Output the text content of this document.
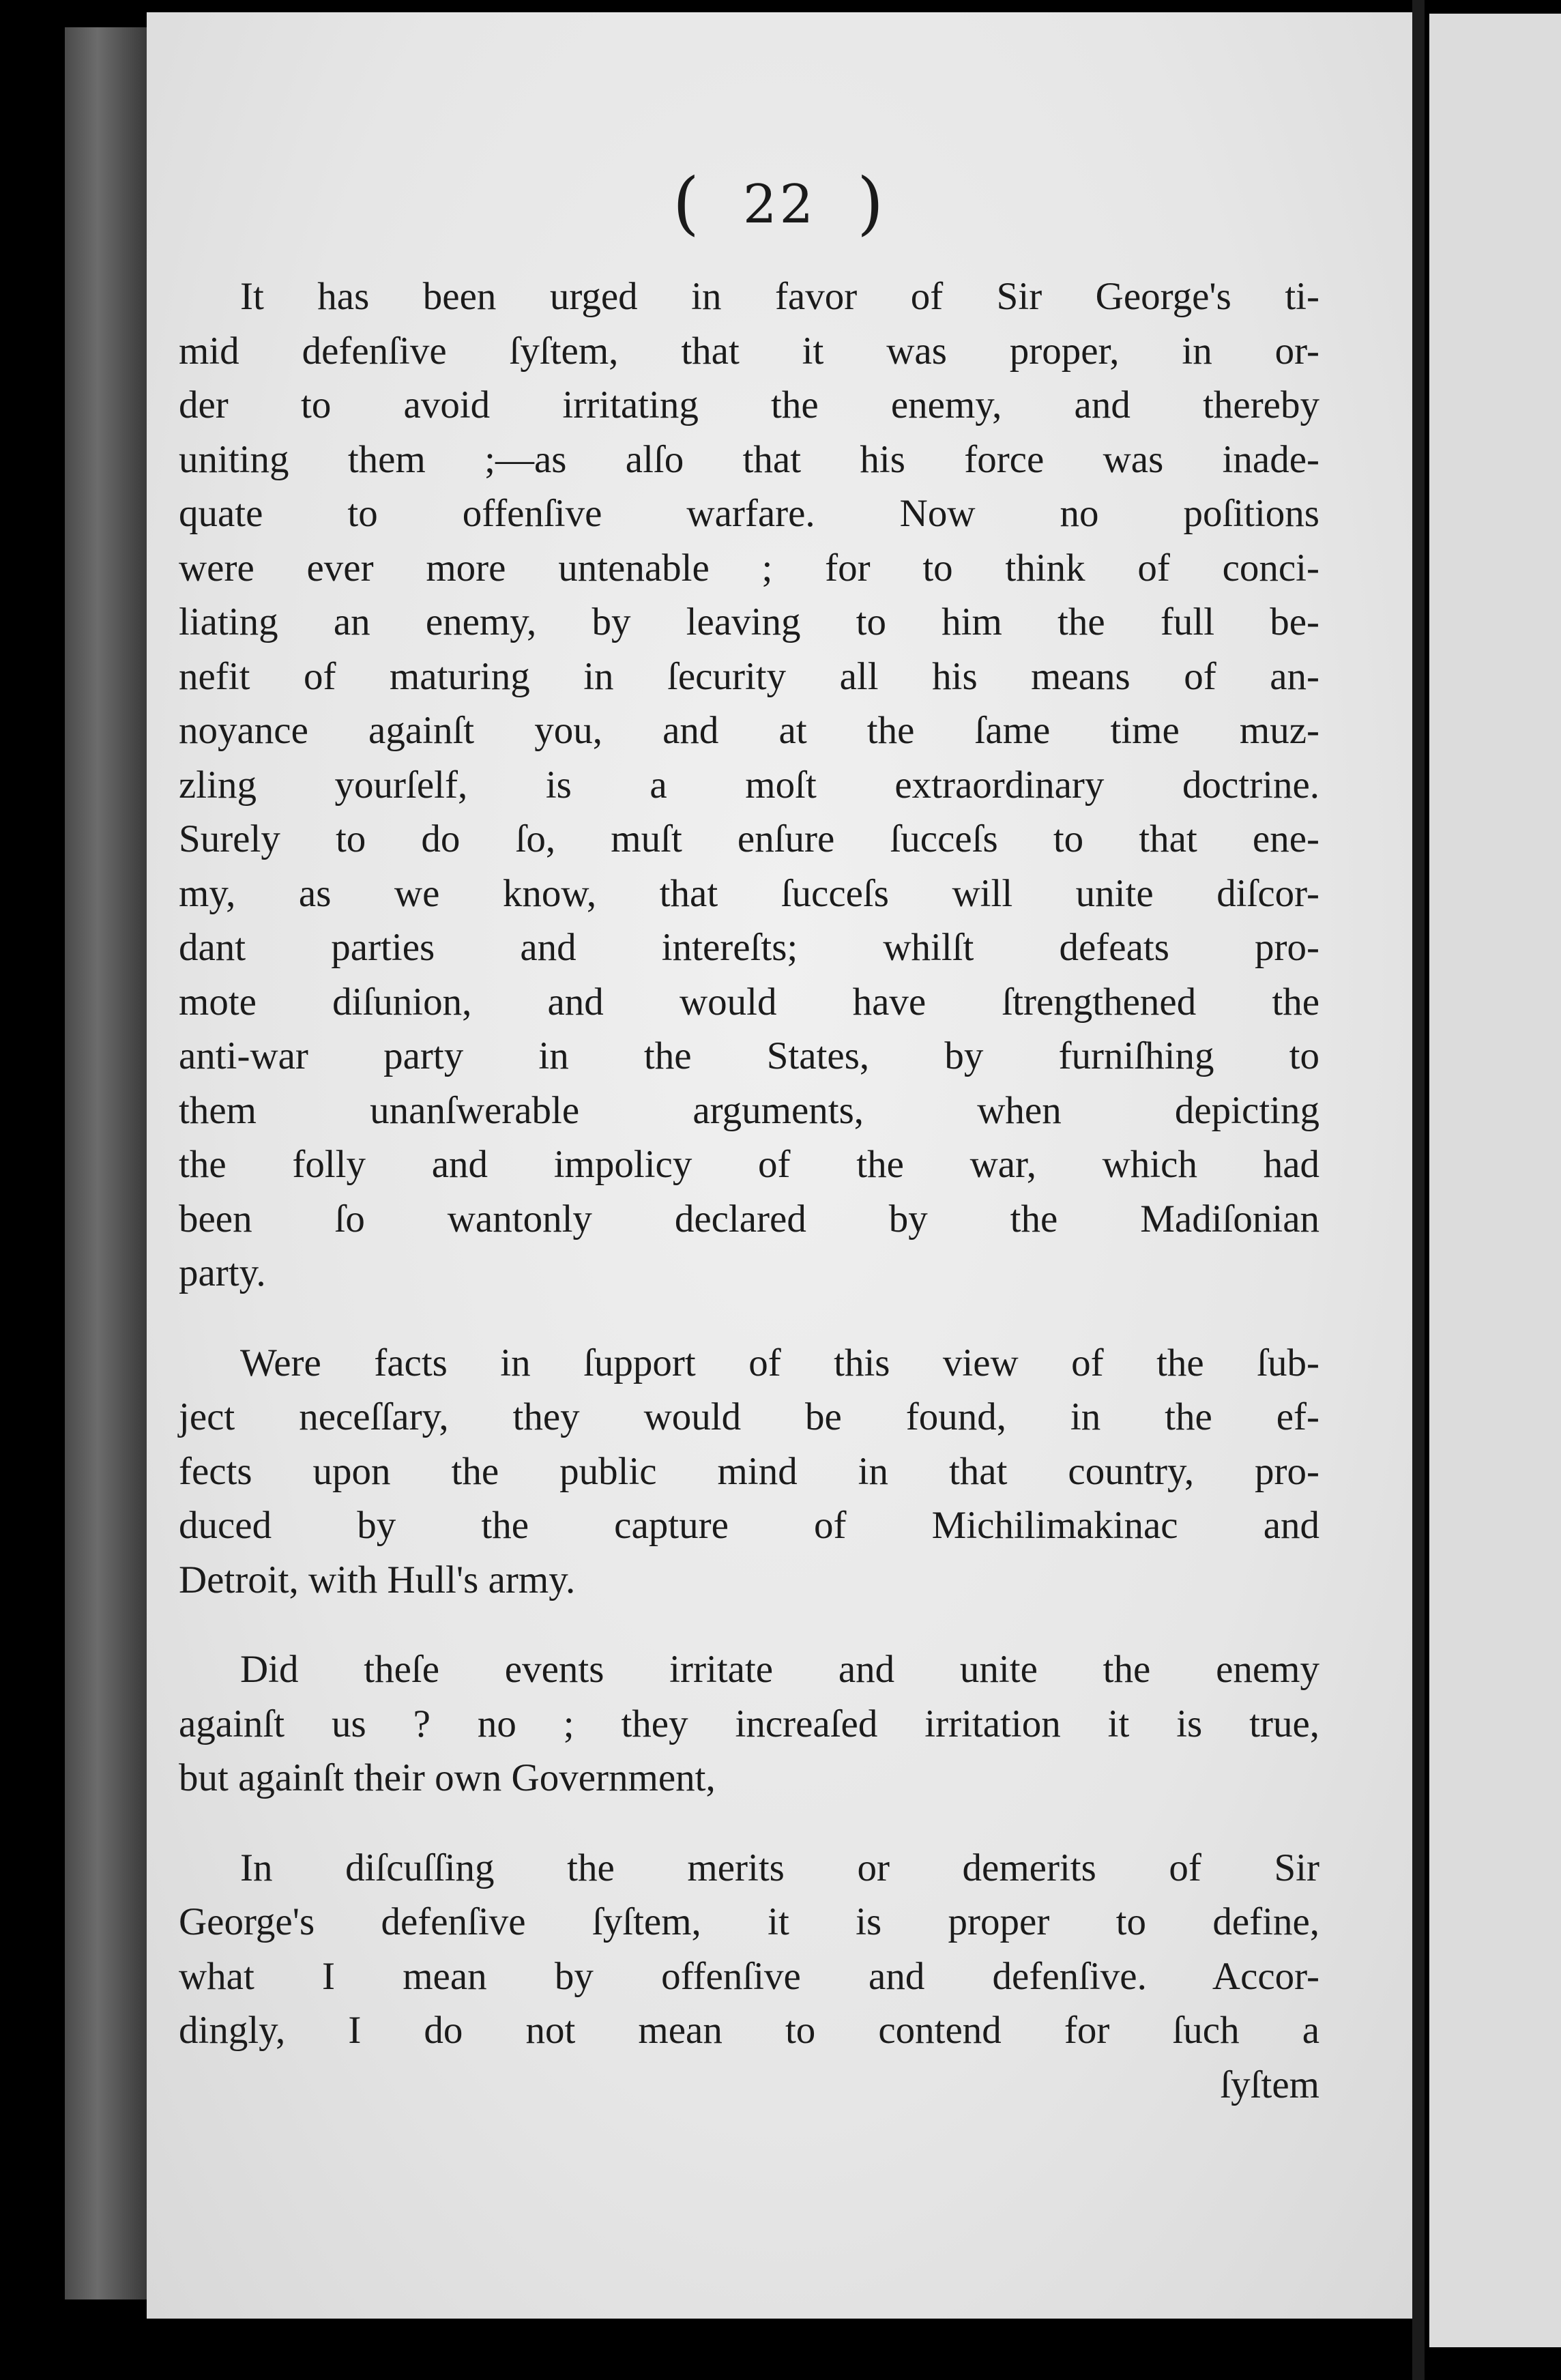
( 22 )

It has been urged in favor of Sir George's ti-
mid defenſive ſyſtem, that it was proper, in or-
der to avoid irritating the enemy, and thereby
uniting them ;—as alſo that his force was inade-
quate to offenſive warfare. Now no poſitions
were ever more untenable ; for to think of conci-
liating an enemy, by leaving to him the full be-
nefit of maturing in ſecurity all his means of an-
noyance againſt you, and at the ſame time muz-
zling yourſelf, is a moſt extraordinary doctrine.
Surely to do ſo, muſt enſure ſucceſs to that ene-
my, as we know, that ſucceſs will unite diſcor-
dant parties and intereſts; whilſt defeats pro-
mote diſunion, and would have ſtrengthened the
anti-war party in the States, by furniſhing to
them unanſwerable arguments, when depicting
the folly and impolicy of the war, which had
been ſo wantonly declared by the Madiſonian
party.

Were facts in ſupport of this view of the ſub-
ject neceſſary, they would be found, in the ef-
fects upon the public mind in that country, pro-
duced by the capture of Michilimakinac and
Detroit, with Hull's army.

Did theſe events irritate and unite the enemy
againſt us ? no ; they increaſed irritation it is true,
but againſt their own Government,

In diſcuſſing the merits or demerits of Sir
George's defenſive ſyſtem, it is proper to define,
what I mean by offenſive and defenſive. Accor-
dingly, I do not mean to contend for ſuch a
ſyſtem
